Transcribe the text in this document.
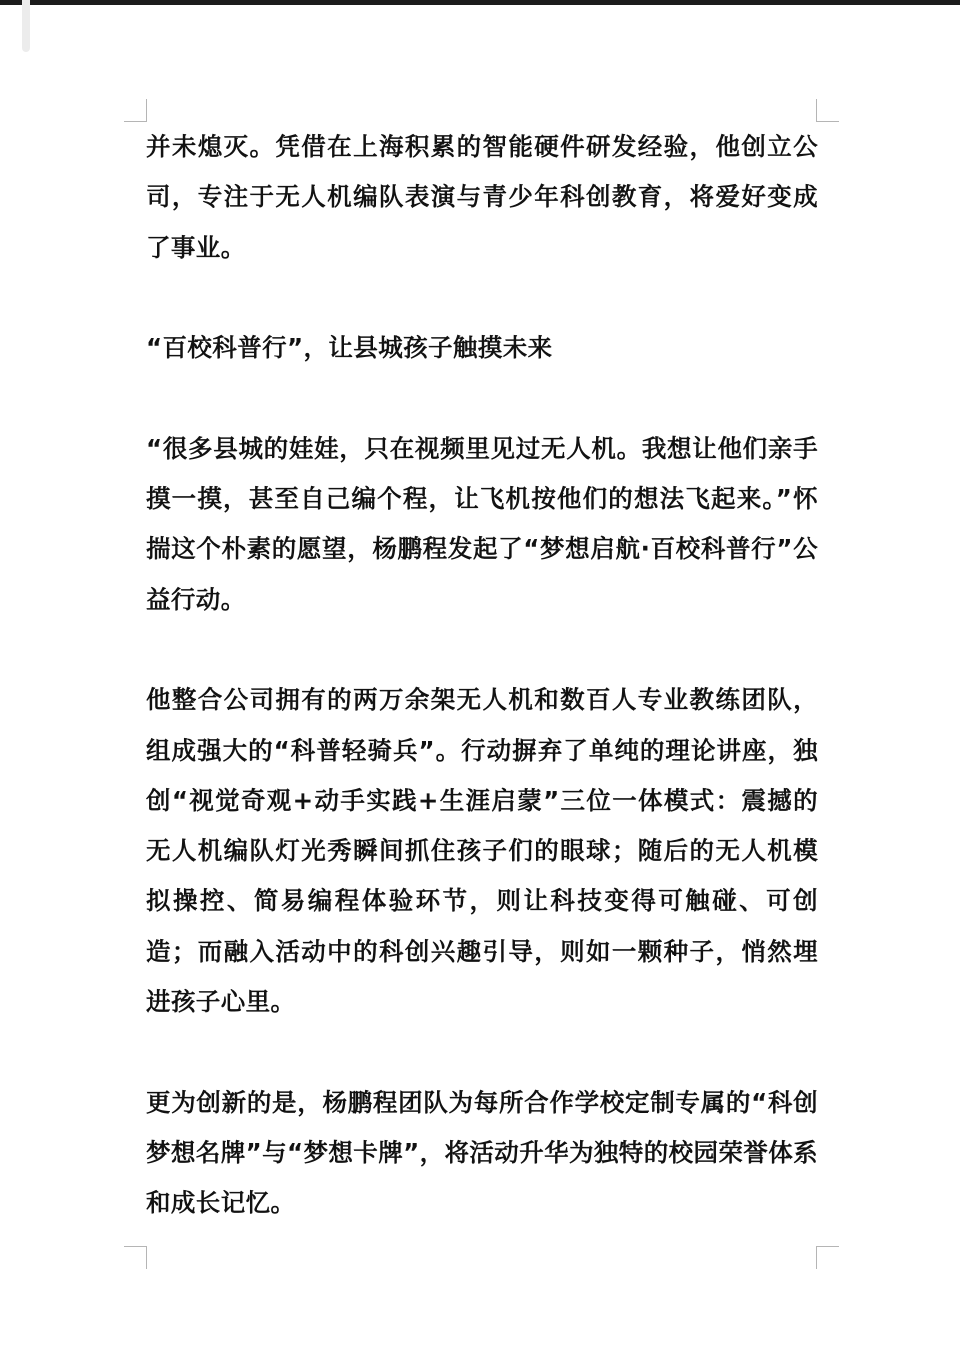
并未熄灭。凭借在上海积累的智能硬件研发经验，他创立公司，专注于无人机编队表演与青少年科创教育，将爱好变成了事业。

“百校科普行”，让县城孩子触摸未来

“很多县城的娃娃，只在视频里见过无人机。我想让他们亲手摸一摸，甚至自己编个程，让飞机按他们的想法飞起来。”怀揣这个朴素的愿望，杨鹏程发起了“梦想启航·百校科普行”公益行动。

他整合公司拥有的两万余架无人机和数百人专业教练团队，组成强大的“科普轻骑兵”。行动摒弃了单纯的理论讲座，独创“视觉奇观+动手实践+生涯启蒙”三位一体模式：震撼的无人机编队灯光秀瞬间抓住孩子们的眼球；随后的无人机模拟操控、简易编程体验环节，则让科技变得可触碰、可创造；而融入活动中的科创兴趣引导，则如一颗种子，悄然埋进孩子心里。

更为创新的是，杨鹏程团队为每所合作学校定制专属的“科创梦想名牌”与“梦想卡牌”，将活动升华为独特的校园荣誉体系和成长记忆。
